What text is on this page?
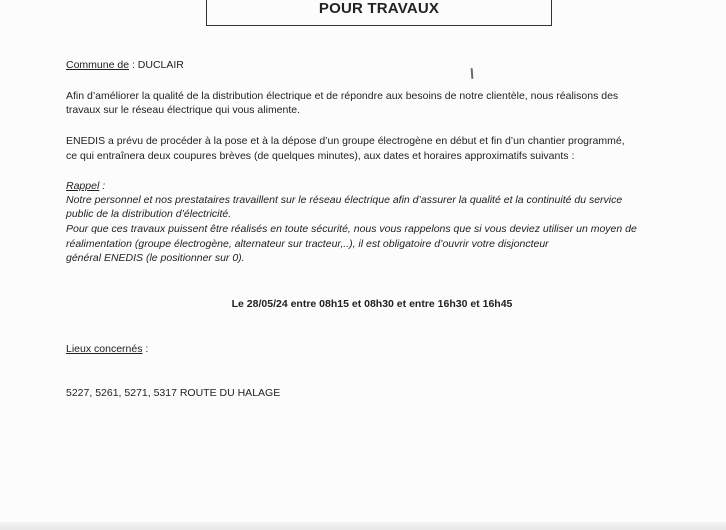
POUR TRAVAUX
Commune de : DUCLAIR
Afin d’améliorer la qualité de la distribution électrique et de répondre aux besoins de notre clientèle, nous réalisons des
travaux sur le réseau électrique qui vous alimente.
ENEDIS a prévu de procéder à la pose et à la dépose d’un groupe électrogène en début et fin d’un chantier programmé,
ce qui entraînera deux coupures brèves (de quelques minutes), aux dates et horaires approximatifs suivants :
Rappel :
Notre personnel et nos prestataires travaillent sur le réseau électrique afin d’assurer la qualité et la continuité du service
public de la distribution d’électricité.
Pour que ces travaux puissent être réalisés en toute sécurité, nous vous rappelons que si vous deviez utiliser un moyen de
réalimentation (groupe électrogène, alternateur sur tracteur,..), il est obligatoire d’ouvrir votre disjoncteur
général ENEDIS (le positionner sur 0).
Le 28/05/24 entre 08h15 et 08h30 et entre 16h30 et 16h45
Lieux concernés :
5227, 5261, 5271, 5317 ROUTE DU HALAGE
